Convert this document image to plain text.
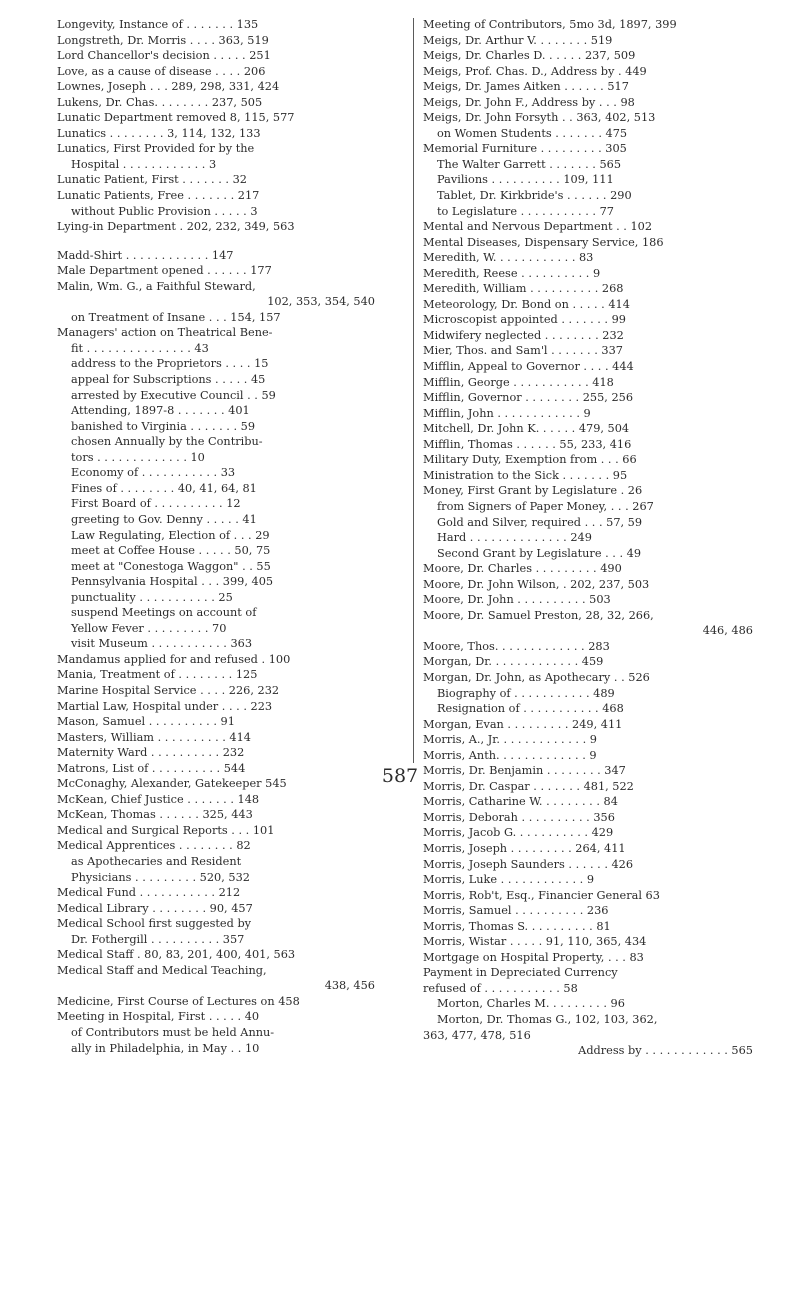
Longevity, Instance of . . . . . . . 135
Longstreth, Dr. Morris . . . . 363, 519
Lord Chancellor's decision . . . . . 251
Love, as a cause of disease . . . . 206
Lownes, Joseph . . . 289, 298, 331, 424
Lukens, Dr. Chas. . . . . . . . 237, 505
Lunatic Department removed 8, 115, 577
Lunatics . . . . . . . . 3, 114, 132, 133
Lunatics, First Provided for by the
Hospital . . . . . . . . . . . . 3
Lunatic Patient, First . . . . . . . 32
Lunatic Patients, Free . . . . . . . 217
without Public Provision . . . . . 3
Lying-in Department . 202, 232, 349, 563
Madd-Shirt . . . . . . . . . . . . 147
Male Department opened . . . . . . 177
Malin, Wm. G., a Faithful Steward,
102, 353, 354, 540
on Treatment of Insane . . . 154, 157
Managers' action on Theatrical Bene-
fit . . . . . . . . . . . . . . . 43
address to the Proprietors . . . . 15
appeal for Subscriptions . . . . . 45
arrested by Executive Council . . 59
Attending, 1897-8 . . . . . . . 401
banished to Virginia . . . . . . . 59
chosen Annually by the Contribu-
tors . . . . . . . . . . . . . 10
Economy of . . . . . . . . . . . 33
Fines of . . . . . . . . 40, 41, 64, 81
First Board of . . . . . . . . . . 12
greeting to Gov. Denny . . . . . 41
Law Regulating, Election of . . . 29
meet at Coffee House . . . . . 50, 75
meet at "Conestoga Waggon" . . 55
Pennsylvania Hospital . . . 399, 405
punctuality . . . . . . . . . . . 25
suspend Meetings on account of
Yellow Fever . . . . . . . . . 70
visit Museum . . . . . . . . . . . 363
Mandamus applied for and refused . 100
Mania, Treatment of . . . . . . . . 125
Marine Hospital Service . . . . 226, 232
Martial Law, Hospital under . . . . 223
Mason, Samuel . . . . . . . . . . 91
Masters, William . . . . . . . . . . 414
Maternity Ward . . . . . . . . . . 232
Matrons, List of . . . . . . . . . . 544
McConaghy, Alexander, Gatekeeper 545
McKean, Chief Justice . . . . . . . 148
McKean, Thomas . . . . . . 325, 443
Medical and Surgical Reports . . . 101
Medical Apprentices . . . . . . . . 82
as Apothecaries and Resident
Physicians . . . . . . . . . 520, 532
Medical Fund . . . . . . . . . . . 212
Medical Library . . . . . . . . 90, 457
Medical School first suggested by
Dr. Fothergill . . . . . . . . . . 357
Medical Staff . 80, 83, 201, 400, 401, 563
Medical Staff and Medical Teaching,
438, 456
Medicine, First Course of Lectures on 458
Meeting in Hospital, First . . . . . 40
of Contributors must be held Annu-
ally in Philadelphia, in May . . 10
Meeting of Contributors, 5mo 3d, 1897, 399
Meigs, Dr. Arthur V. . . . . . . . 519
Meigs, Dr. Charles D. . . . . . 237, 509
Meigs, Prof. Chas. D., Address by . 449
Meigs, Dr. James Aitken . . . . . . 517
Meigs, Dr. John F., Address by . . . 98
Meigs, Dr. John Forsyth . . 363, 402, 513
on Women Students . . . . . . . 475
Memorial Furniture . . . . . . . . . 305
The Walter Garrett . . . . . . . 565
Pavilions . . . . . . . . . . 109, 111
Tablet, Dr. Kirkbride's . . . . . . 290
to Legislature . . . . . . . . . . . 77
Mental and Nervous Department . . 102
Mental Diseases, Dispensary Service, 186
Meredith, W. . . . . . . . . . . . 83
Meredith, Reese . . . . . . . . . . 9
Meredith, William . . . . . . . . . . 268
Meteorology, Dr. Bond on . . . . . 414
Microscopist appointed . . . . . . . 99
Midwifery neglected . . . . . . . . 232
Mier, Thos. and Sam'l . . . . . . . 337
Mifflin, Appeal to Governor . . . . 444
Mifflin, George . . . . . . . . . . . 418
Mifflin, Governor . . . . . . . . 255, 256
Mifflin, John . . . . . . . . . . . . 9
Mitchell, Dr. John K. . . . . . 479, 504
Mifflin, Thomas . . . . . . 55, 233, 416
Military Duty, Exemption from . . . 66
Ministration to the Sick . . . . . . . 95
Money, First Grant by Legislature . 26
from Signers of Paper Money, . . . 267
Gold and Silver, required . . . 57, 59
Hard . . . . . . . . . . . . . . 249
Second Grant by Legislature . . . 49
Moore, Dr. Charles . . . . . . . . . 490
Moore, Dr. John Wilson, . 202, 237, 503
Moore, Dr. John . . . . . . . . . . 503
Moore, Dr. Samuel Preston, 28, 32, 266,
446, 486
Moore, Thos. . . . . . . . . . . . . 283
Morgan, Dr. . . . . . . . . . . . . 459
Morgan, Dr. John, as Apothecary . . 526
Biography of . . . . . . . . . . . 489
Resignation of . . . . . . . . . . . 468
Morgan, Evan . . . . . . . . . 249, 411
Morris, A., Jr. . . . . . . . . . . . . 9
Morris, Anth. . . . . . . . . . . . . 9
Morris, Dr. Benjamin . . . . . . . . 347
Morris, Dr. Caspar . . . . . . . 481, 522
Morris, Catharine W. . . . . . . . . 84
Morris, Deborah . . . . . . . . . . 356
Morris, Jacob G. . . . . . . . . . . 429
Morris, Joseph . . . . . . . . . 264, 411
Morris, Joseph Saunders . . . . . . 426
Morris, Luke . . . . . . . . . . . . 9
Morris, Rob't, Esq., Financier General 63
Morris, Samuel . . . . . . . . . . 236
Morris, Thomas S. . . . . . . . . . 81
Morris, Wistar . . . . . 91, 110, 365, 434
Mortgage on Hospital Property, . . . 83
Payment in Depreciated Currency
refused of . . . . . . . . . . . 58
Morton, Charles M. . . . . . . . . 96
Morton, Dr. Thomas G., 102, 103, 362,
363, 477, 478, 516
Address by . . . . . . . . . . . . 565
587
